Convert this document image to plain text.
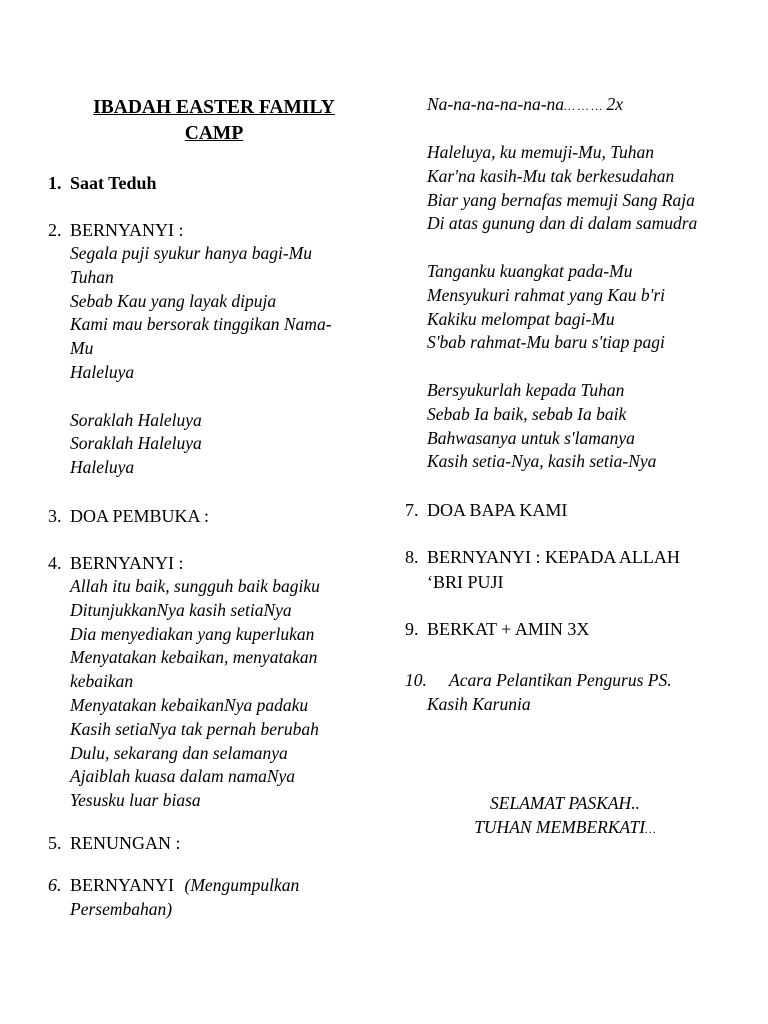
IBADAH EASTER FAMILY CAMP
1. Saat Teduh
2. BERNYANYI :
Segala puji syukur hanya bagi-Mu
Tuhan
Sebab Kau yang layak dipuja
Kami mau bersorak tinggikan Nama-
Mu
Haleluya

Soraklah Haleluya
Soraklah Haleluya
Haleluya
3. DOA PEMBUKA :
4. BERNYANYI :
Allah itu baik, sungguh baik bagiku
DitunjukkanNya kasih setiaNya
Dia menyediakan yang kuperlukan
Menyatakan kebaikan, menyatakan
kebaikan
Menyatakan kebaikanNya padaku
Kasih setiaNya tak pernah berubah
Dulu, sekarang dan selamanya
Ajaiblah kuasa dalam namaNya
Yesusku luar biasa
5. RENUNGAN :
6. BERNYANYI (Mengumpulkan
Persembahan)
Na-na-na-na-na-na… … … 2x
Haleluya, ku memuji-Mu, Tuhan
Kar'na kasih-Mu tak berkesudahan
Biar yang bernafas memuji Sang Raja
Di atas gunung dan di dalam samudra
Tanganku kuangkat pada-Mu
Mensyukuri rahmat yang Kau b'ri
Kakiku melompat bagi-Mu
S'bab rahmat-Mu baru s'tiap pagi
Bersyukurlah kepada Tuhan
Sebab Ia baik, sebab Ia baik
Bahwasanya untuk s'lamanya
Kasih setia-Nya, kasih setia-Nya
7. DOA BAPA KAMI
8. BERNYANYI : KEPADA ALLAH
‘BRI PUJI
9. BERKAT + AMIN 3X
10. Acara Pelantikan Pengurus PS.
Kasih Karunia
SELAMAT PASKAH..
TUHAN MEMBERKATI…
